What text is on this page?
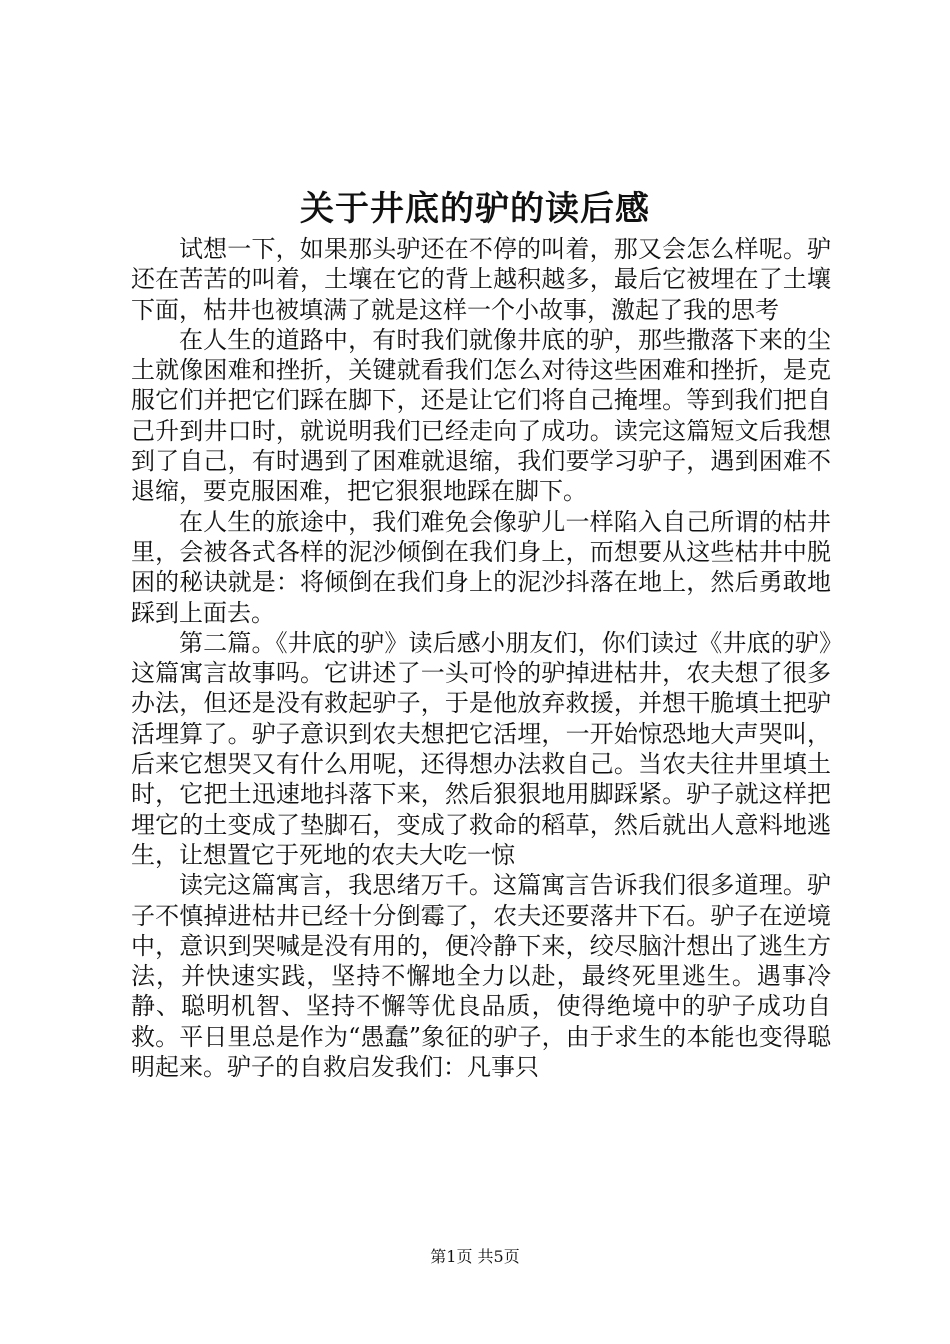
关于井底的驴的读后感

试想一下，如果那头驴还在不停的叫着，那又会怎么样呢。驴还在苦苦的叫着，土壤在它的背上越积越多，最后它被埋在了土壤下面，枯井也被填满了就是这样一个小故事，激起了我的思考

在人生的道路中，有时我们就像井底的驴，那些撒落下来的尘土就像困难和挫折，关键就看我们怎么对待这些困难和挫折，是克服它们并把它们踩在脚下，还是让它们将自己掩埋。等到我们把自己升到井口时，就说明我们已经走向了成功。读完这篇短文后我想到了自己，有时遇到了困难就退缩，我们要学习驴子，遇到困难不退缩，要克服困难，把它狠狠地踩在脚下。

在人生的旅途中，我们难免会像驴儿一样陷入自己所谓的枯井里，会被各式各样的泥沙倾倒在我们身上，而想要从这些枯井中脱困的秘诀就是：将倾倒在我们身上的泥沙抖落在地上，然后勇敢地踩到上面去。

第二篇。《井底的驴》读后感小朋友们，你们读过《井底的驴》这篇寓言故事吗。它讲述了一头可怜的驴掉进枯井，农夫想了很多办法，但还是没有救起驴子，于是他放弃救援，并想干脆填土把驴活埋算了。驴子意识到农夫想把它活埋，一开始惊恐地大声哭叫，后来它想哭又有什么用呢，还得想办法救自己。当农夫往井里填土时，它把土迅速地抖落下来，然后狠狠地用脚踩紧。驴子就这样把埋它的土变成了垫脚石，变成了救命的稻草，然后就出人意料地逃生，让想置它于死地的农夫大吃一惊

读完这篇寓言，我思绪万千。这篇寓言告诉我们很多道理。驴子不慎掉进枯井已经十分倒霉了，农夫还要落井下石。驴子在逆境中，意识到哭喊是没有用的，便冷静下来，绞尽脑汁想出了逃生方法，并快速实践，坚持不懈地全力以赴，最终死里逃生。遇事冷静、聪明机智、坚持不懈等优良品质，使得绝境中的驴子成功自救。平日里总是作为“愚蠢”象征的驴子，由于求生的本能也变得聪明起来。驴子的自救启发我们：凡事只

第1页 共5页
